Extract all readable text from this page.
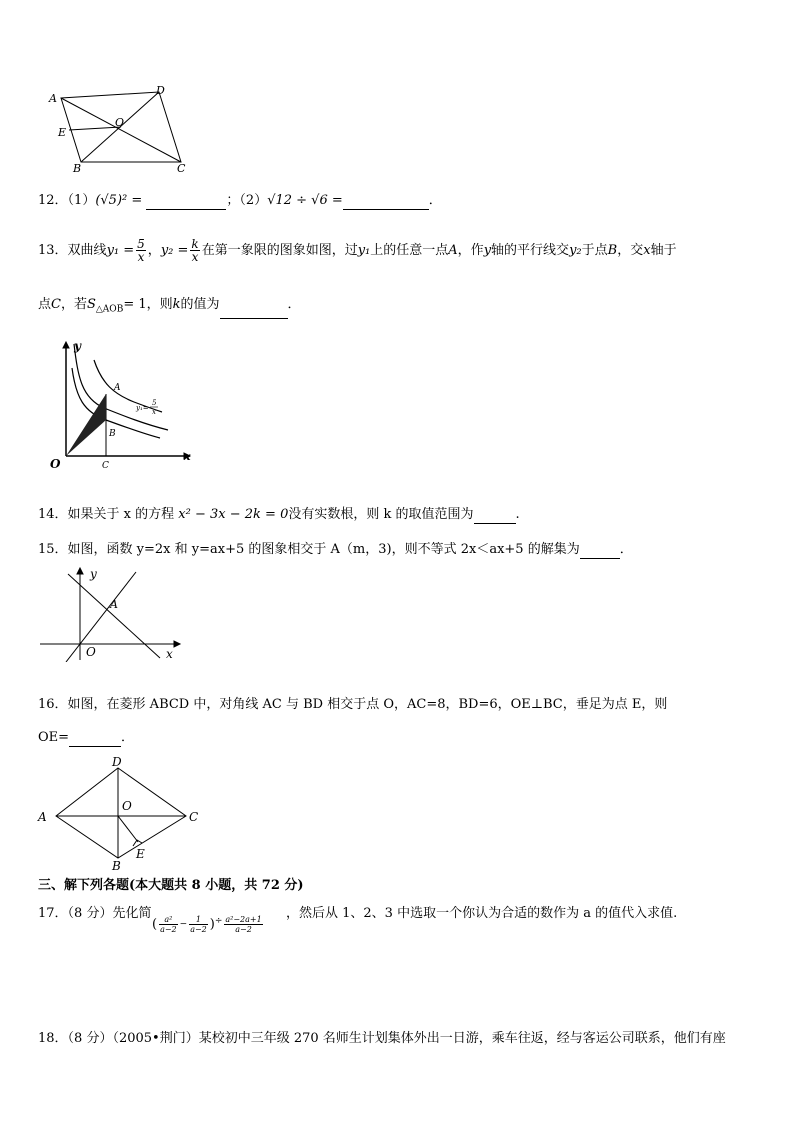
A
D
E
O
B	C
12．（1）(√5)² =	；（2）√12 ÷ √6 =	．
13．双曲线$y_1 = \frac{5}{x}$ ，$y_2 = \frac{k}{x}$ 在第一象限的图象如图，过y₁上的任意一点A，作y轴的平行线交y₂于点B，交x轴于
点C，若$S_{\triangle AOB}= 1$，则k的值为	．
y
A
y₁=
5
x
B
O	C
x
14．如果关于 x 的方程 x² − 3x − 2k = 0没有实数根，则 k 的取值范围为	.
15．如图，函数 y=2x 和 y=ax+5 的图象相交于 A（m，3)，则不等式 2x＜ax+5 的解集为	．
y
A
O	x
16．如图，在菱形 ABCD 中，对角线 AC 与 BD 相交于点 O，AC=8，BD=6，OE⊥BC，垂足为点 E，则
OE=	．
D
A
O
C
B
E
三、解下列各题(本大题共 8 小题，共 72 分)
17．（8 分）先化简
( $\frac{\text{a²}}{a-2} - \frac{1}{a-2}$ )÷ $\frac{\text{a²−2a+1}}{a-2}$
，然后从 1、2、3 中选取一个你认为合适的数作为 a 的值代入求值.
18．（8 分）（2005•荆门）某校初中三年级 270 名师生计划集体外出一日游，乘车往返，经与客运公司联系，他们有座
